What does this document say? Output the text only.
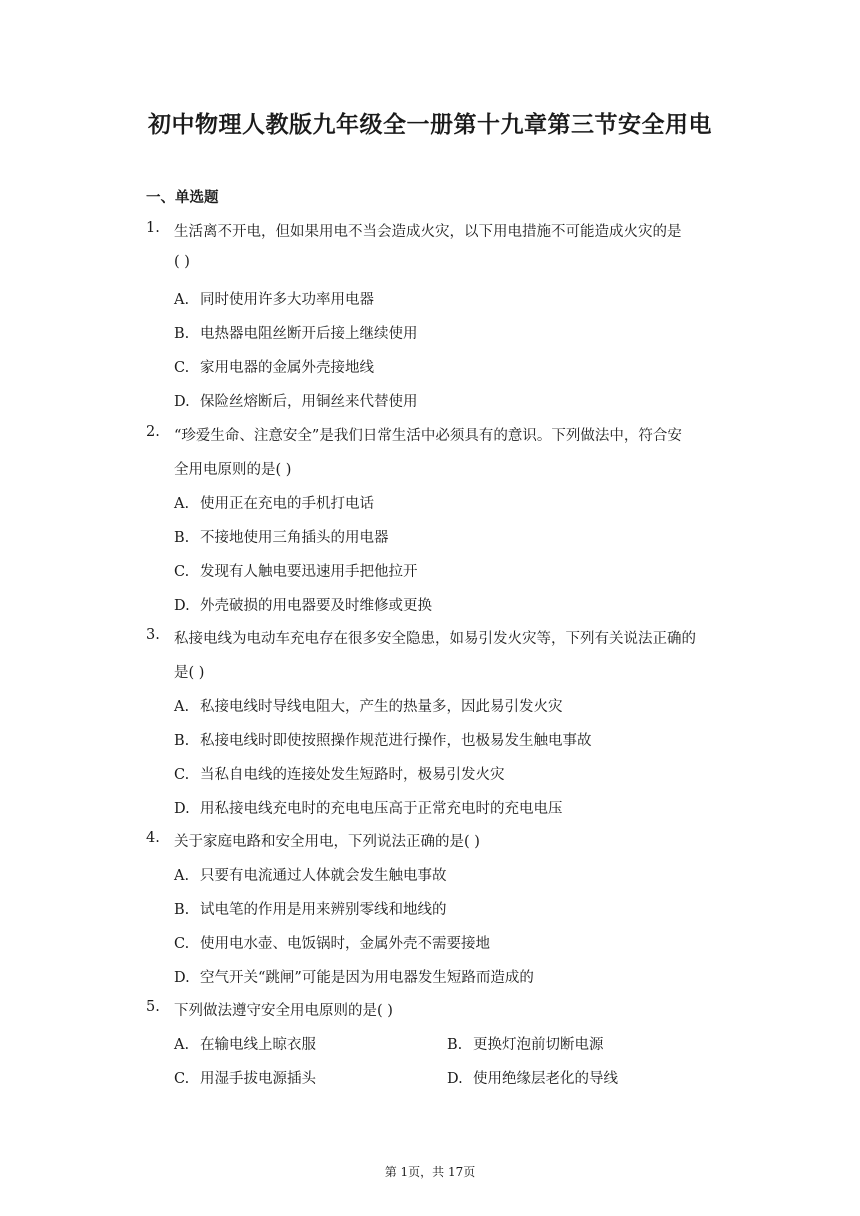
初中物理人教版九年级全一册第十九章第三节安全用电
一、单选题
1. 生活离不开电，但如果用电不当会造成火灾，以下用电措施不可能造成火灾的是
( )
A. 同时使用许多大功率用电器
B. 电热器电阻丝断开后接上继续使用
C. 家用电器的金属外壳接地线
D. 保险丝熔断后，用铜丝来代替使用
2. “珍爱生命、注意安全”是我们日常生活中必须具有的意识。下列做法中，符合安
全用电原则的是( )
A. 使用正在充电的手机打电话
B. 不接地使用三角插头的用电器
C. 发现有人触电要迅速用手把他拉开
D. 外壳破损的用电器要及时维修或更换
3. 私接电线为电动车充电存在很多安全隐患，如易引发火灾等，下列有关说法正确的
是( )
A. 私接电线时导线电阻大，产生的热量多，因此易引发火灾
B. 私接电线时即使按照操作规范进行操作，也极易发生触电事故
C. 当私自电线的连接处发生短路时，极易引发火灾
D. 用私接电线充电时的充电电压高于正常充电时的充电电压
4. 关于家庭电路和安全用电，下列说法正确的是( )
A. 只要有电流通过人体就会发生触电事故
B. 试电笔的作用是用来辨别零线和地线的
C. 使用电水壶、电饭锅时，金属外壳不需要接地
D. 空气开关“跳闸”可能是因为用电器发生短路而造成的
5. 下列做法遵守安全用电原则的是( )
A. 在输电线上晾衣服	B. 更换灯泡前切断电源
C. 用湿手拔电源插头	D. 使用绝缘层老化的导线
第 1页，共 17页
